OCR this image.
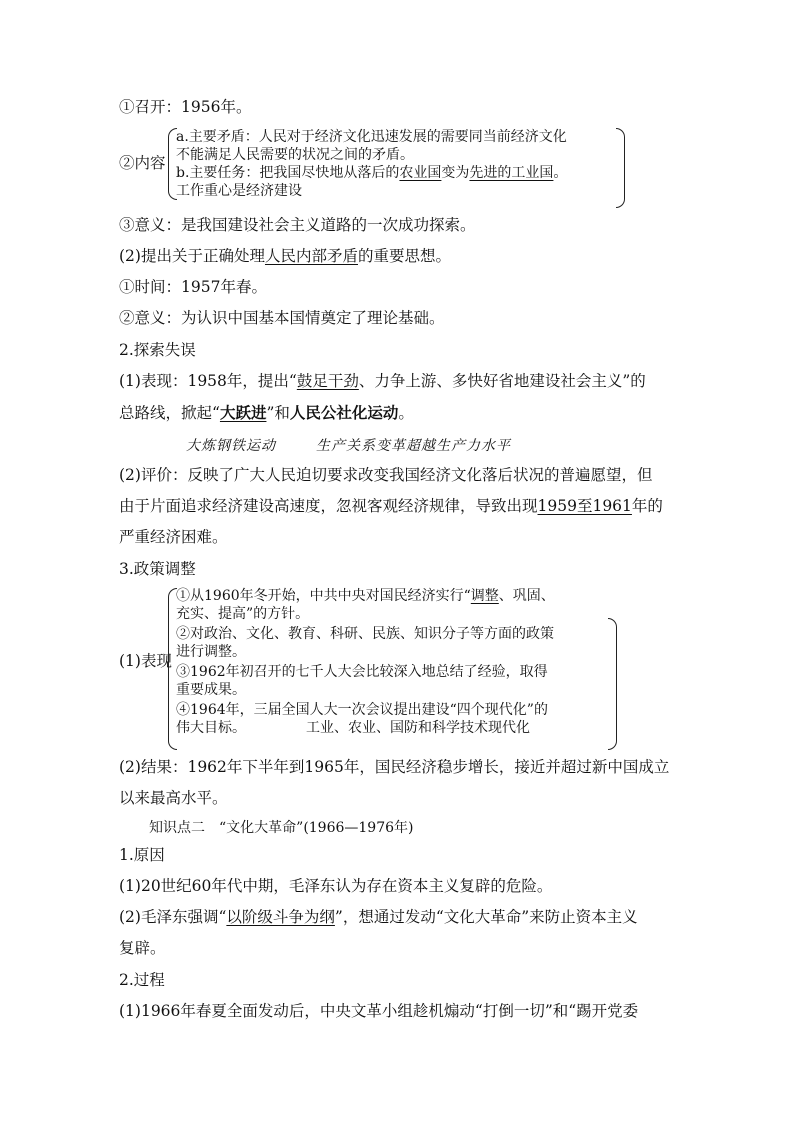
①召开：1956年。
②内容
a.主要矛盾：人民对于经济文化迅速发展的需要同当前经济文化
不能满足人民需要的状况之间的矛盾。
b.主要任务：把我国尽快地从落后的农业国变为先进的工业国。
工作重心是经济建设
③意义：是我国建设社会主义道路的一次成功探索。
(2)提出关于正确处理人民内部矛盾的重要思想。
①时间：1957年春。
②意义：为认识中国基本国情奠定了理论基础。
2.探索失误
(1)表现：1958年，提出“鼓足干劲、力争上游、多快好省地建设社会主义”的
总路线，掀起“大跃进”和人民公社化运动。
大炼钢铁运动	生产关系变革超越生产力水平
(2)评价：反映了广大人民迫切要求改变我国经济文化落后状况的普遍愿望，但
由于片面追求经济建设高速度，忽视客观经济规律，导致出现1959至1961年的
严重经济困难。
3.政策调整
(1)表现
①从1960年冬开始，中共中央对国民经济实行“调整、巩固、
充实、提高”的方针。
②对政治、文化、教育、科研、民族、知识分子等方面的政策
进行调整。
③1962年初召开的七千人大会比较深入地总结了经验，取得
重要成果。
④1964年，三届全国人大一次会议提出建设“四个现代化”的
伟大目标。	工业、农业、国防和科学技术现代化
(2)结果：1962年下半年到1965年，国民经济稳步增长，接近并超过新中国成立
以来最高水平。
知识点二　“文化大革命”(1966—1976年)
1.原因
(1)20世纪60年代中期，毛泽东认为存在资本主义复辟的危险。
(2)毛泽东强调“以阶级斗争为纲”，想通过发动“文化大革命”来防止资本主义
复辟。
2.过程
(1)1966年春夏全面发动后，中央文革小组趁机煽动“打倒一切”和“踢开党委
